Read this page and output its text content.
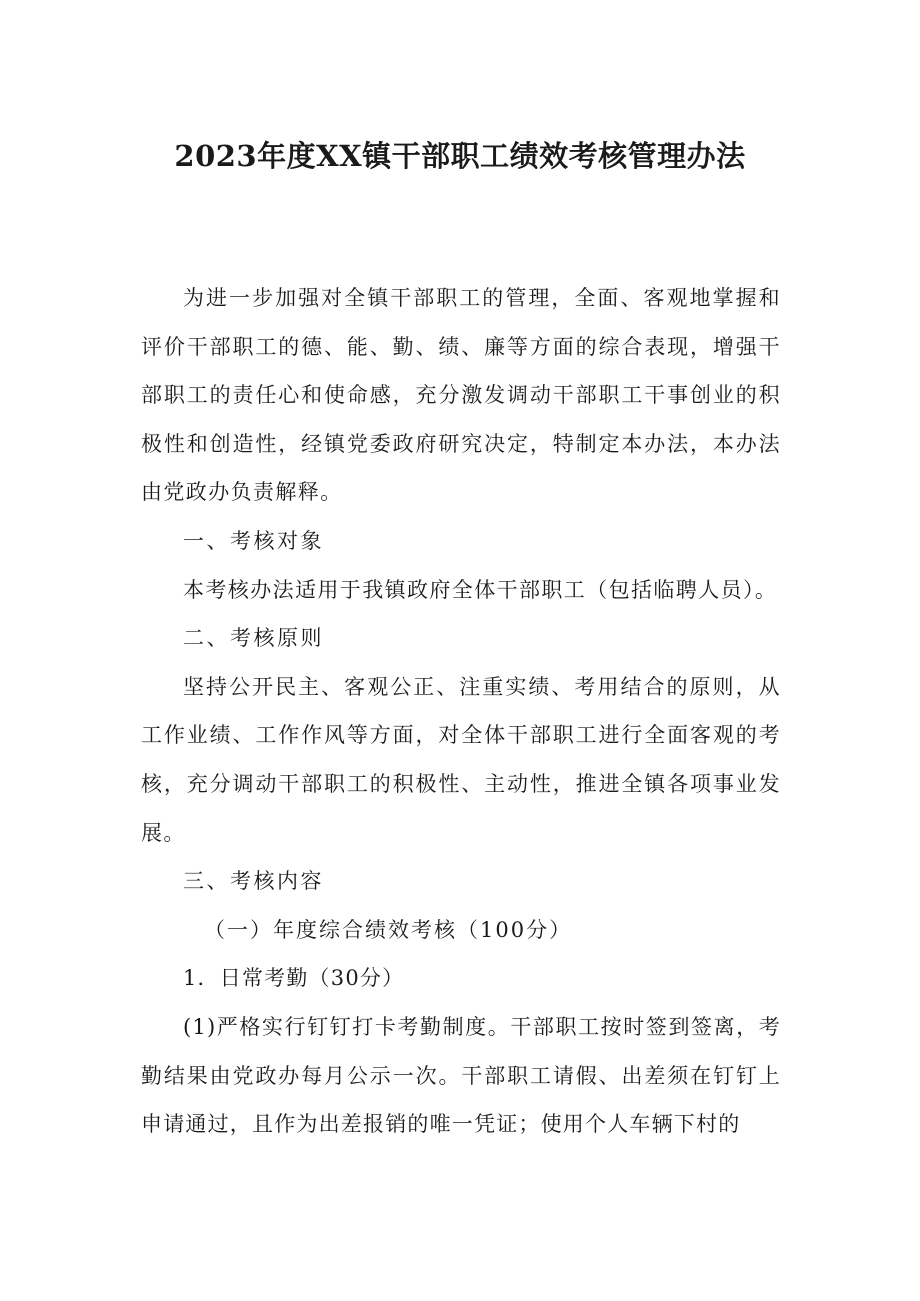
2023年度XX镇干部职工绩效考核管理办法

为进一步加强对全镇干部职工的管理，全面、客观地掌握和评价干部职工的德、能、勤、绩、廉等方面的综合表现，增强干部职工的责任心和使命感，充分激发调动干部职工干事创业的积极性和创造性，经镇党委政府研究决定，特制定本办法，本办法由党政办负责解释。

一、考核对象

本考核办法适用于我镇政府全体干部职工（包括临聘人员）。

二、考核原则

坚持公开民主、客观公正、注重实绩、考用结合的原则，从工作业绩、工作作风等方面，对全体干部职工进行全面客观的考核，充分调动干部职工的积极性、主动性，推进全镇各项事业发展。

三、考核内容

（一）年度综合绩效考核（100分）

1．日常考勤（30分）

(1)严格实行钉钉打卡考勤制度。干部职工按时签到签离，考勤结果由党政办每月公示一次。干部职工请假、出差须在钉钉上申请通过，且作为出差报销的唯一凭证；使用个人车辆下村的
